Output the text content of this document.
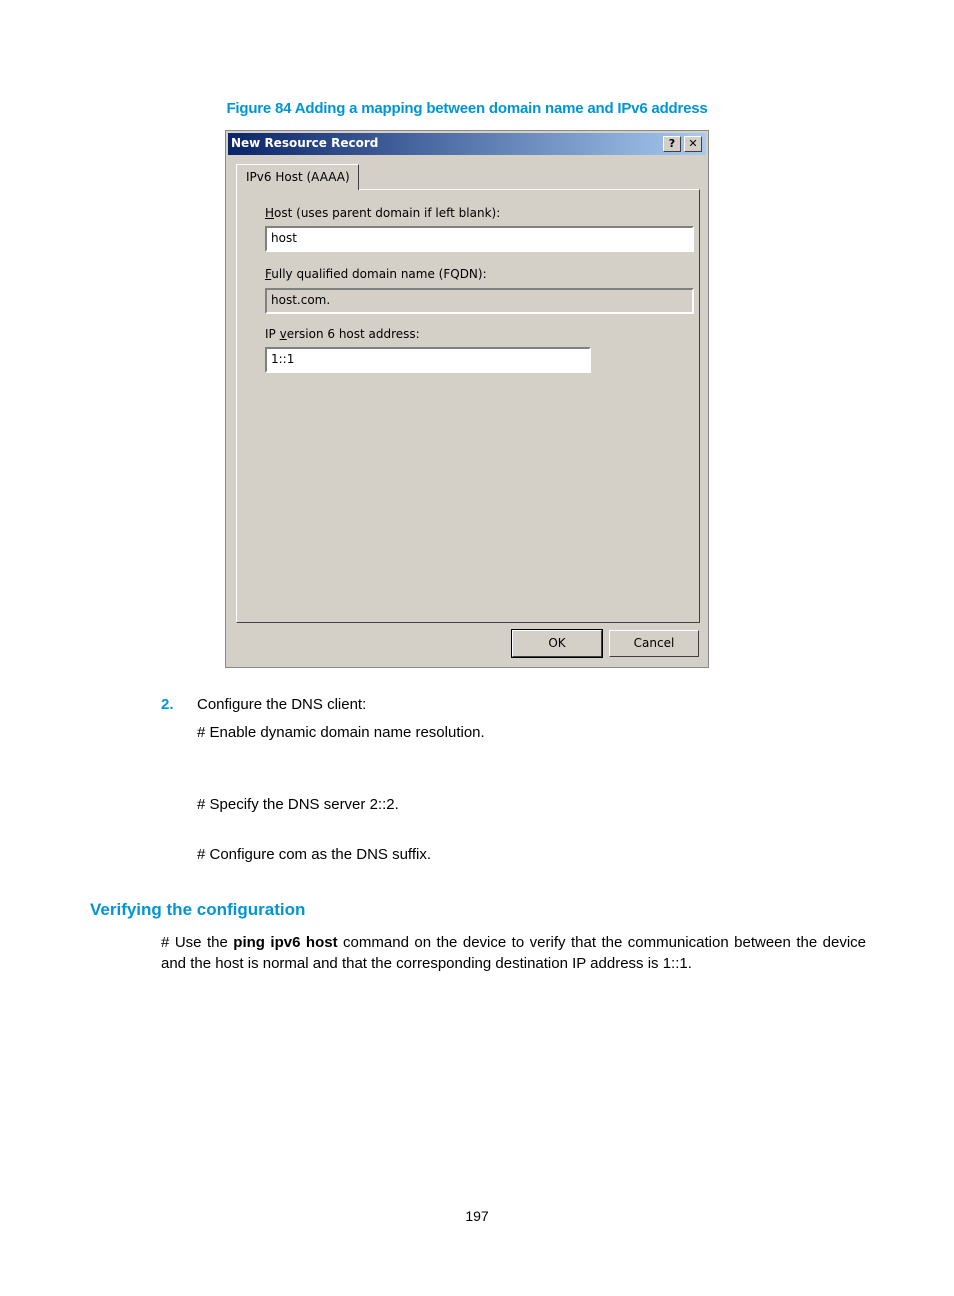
Figure 84 Adding a mapping between domain name and IPv6 address
New Resource Record	?	✕
IPv6 Host (AAAA)
Host (uses parent domain if left blank):
host
Fully qualified domain name (FQDN):
host.com.
IP version 6 host address:
1::1
OK	Cancel
2. Configure the DNS client:
# Enable dynamic domain name resolution.
# Specify the DNS server 2::2.
# Configure com as the DNS suffix.
Verifying the configuration
# Use the ping ipv6 host command on the device to verify that the communication between the device and the host is normal and that the corresponding destination IP address is 1::1.
197
